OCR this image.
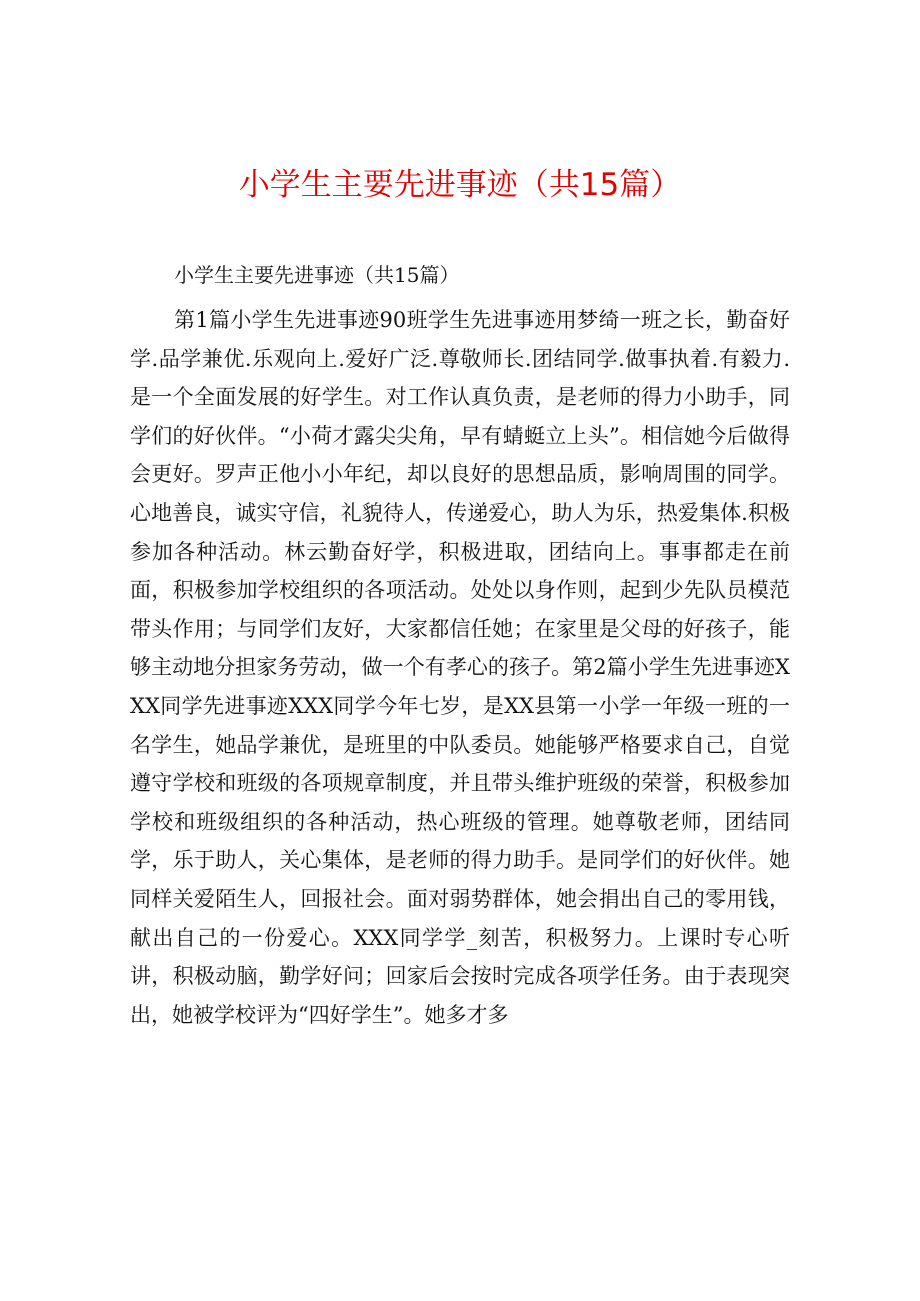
小学生主要先进事迹（共15篇）
小学生主要先进事迹（共15篇）

第1篇小学生先进事迹90班学生先进事迹用梦绮一班之长，勤奋好学.品学兼优.乐观向上.爱好广泛.尊敬师长.团结同学.做事执着.有毅力.是一个全面发展的好学生。对工作认真负责，是老师的得力小助手，同学们的好伙伴。“小荷才露尖尖角，早有蜻蜓立上头”。相信她今后做得会更好。罗声正他小小年纪，却以良好的思想品质，影响周围的同学。心地善良，诚实守信，礼貌待人，传递爱心，助人为乐，热爱集体.积极参加各种活动。林云勤奋好学，积极进取，团结向上。事事都走在前面，积极参加学校组织的各项活动。处处以身作则，起到少先队员模范带头作用；与同学们友好，大家都信任她；在家里是父母的好孩子，能够主动地分担家务劳动，做一个有孝心的孩子。第2篇小学生先进事迹XXX同学先进事迹XXX同学今年七岁，是XX县第一小学一年级一班的一名学生，她品学兼优，是班里的中队委员。她能够严格要求自己，自觉遵守学校和班级的各项规章制度，并且带头维护班级的荣誉，积极参加学校和班级组织的各种活动，热心班级的管理。她尊敬老师，团结同学，乐于助人，关心集体，是老师的得力助手。是同学们的好伙伴。她同样关爱陌生人，回报社会。面对弱势群体，她会捐出自己的零用钱，献出自己的一份爱心。XXX同学学_刻苦，积极努力。上课时专心听讲，积极动脑，勤学好问；回家后会按时完成各项学任务。由于表现突出，她被学校评为“四好学生”。她多才多
